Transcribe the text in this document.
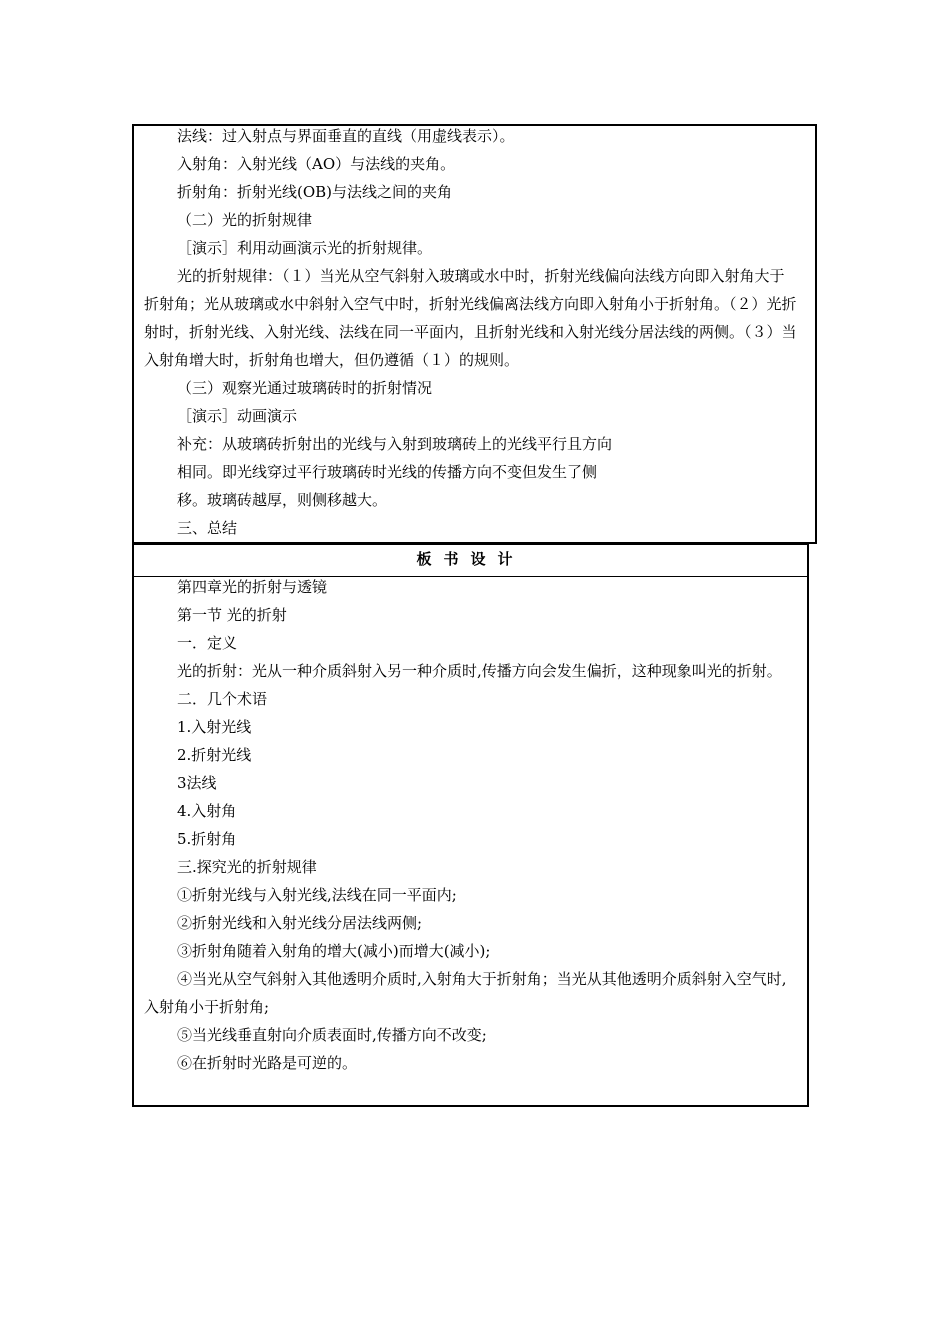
法线：过入射点与界面垂直的直线（用虚线表示）。

入射角：入射光线（AO）与法线的夹角。

折射角：折射光线(OB)与法线之间的夹角

（二）光的折射规律

［演示］利用动画演示光的折射规律。

光的折射规律：（１）当光从空气斜射入玻璃或水中时，折射光线偏向法线方向即入射角大于折射角；光从玻璃或水中斜射入空气中时，折射光线偏离法线方向即入射角小于折射角。（２）光折射时，折射光线、入射光线、法线在同一平面内，且折射光线和入射光线分居法线的两侧。（３）当入射角增大时，折射角也增大，但仍遵循（１）的规则。

（三）观察光通过玻璃砖时的折射情况

［演示］动画演示

补充：从玻璃砖折射出的光线与入射到玻璃砖上的光线平行且方向

相同。即光线穿过平行玻璃砖时光线的传播方向不变但发生了侧

移。玻璃砖越厚，则侧移越大。

三、总结

板书设计

第四章光的折射与透镜

第一节 光的折射

一．定义

光的折射：光从一种介质斜射入另一种介质时,传播方向会发生偏折，这种现象叫光的折射。

二．几个术语

1.入射光线

2.折射光线

3法线

4.入射角

5.折射角

三.探究光的折射规律

①折射光线与入射光线,法线在同一平面内;

②折射光线和入射光线分居法线两侧;

③折射角随着入射角的增大(减小)而增大(减小);

④当光从空气斜射入其他透明介质时,入射角大于折射角；当光从其他透明介质斜射入空气时,入射角小于折射角;

⑤当光线垂直射向介质表面时,传播方向不改变;

⑥在折射时光路是可逆的。
